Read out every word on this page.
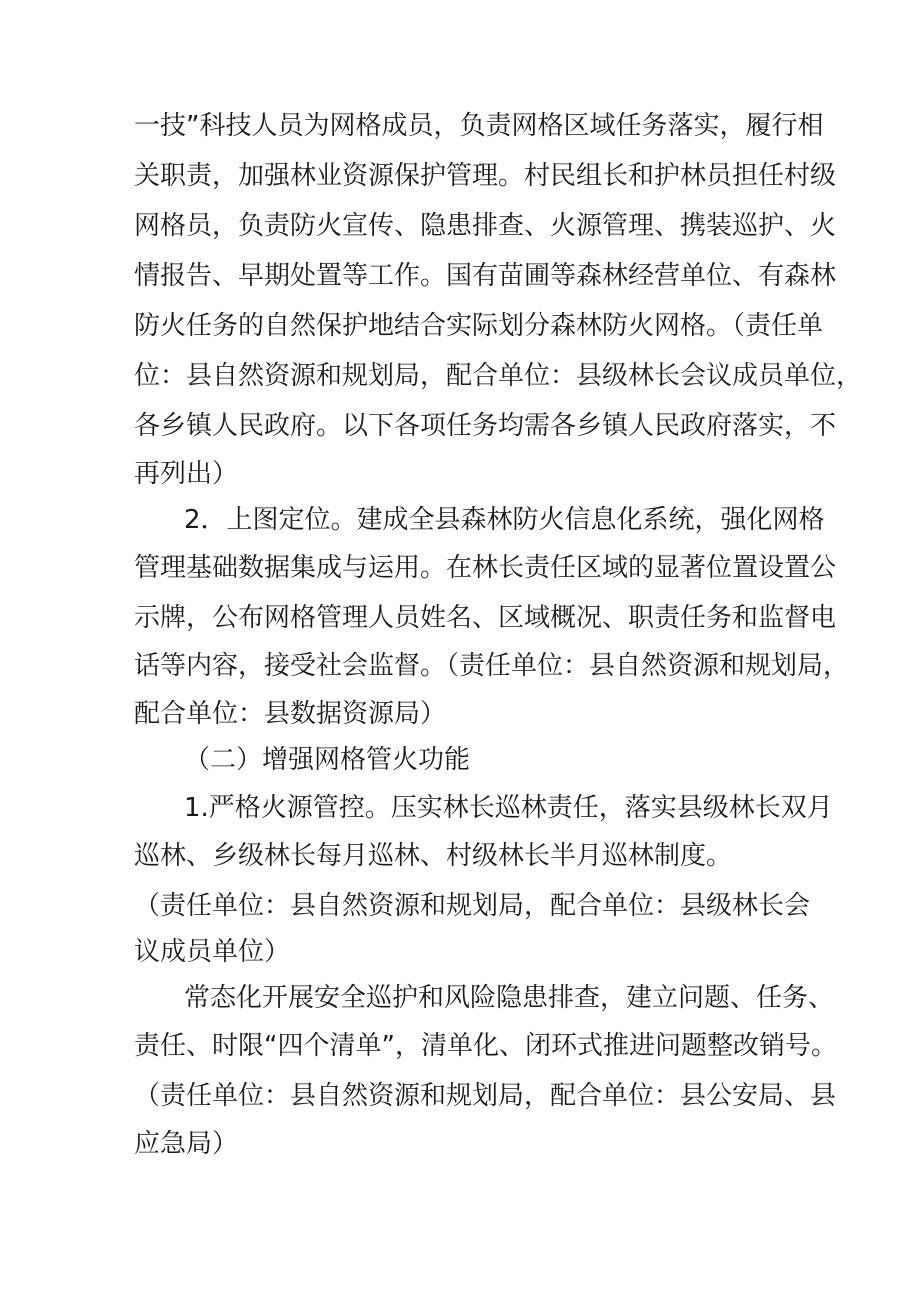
一技”科技人员为网格成员，负责网格区域任务落实，履行相
关职责，加强林业资源保护管理。村民组长和护林员担任村级
网格员，负责防火宣传、隐患排查、火源管理、携装巡护、火
情报告、早期处置等工作。国有苗圃等森林经营单位、有森林
防火任务的自然保护地结合实际划分森林防火网格。（责任单
位：县自然资源和规划局，配合单位：县级林长会议成员单位，
各乡镇人民政府。以下各项任务均需各乡镇人民政府落实，不
再列出）
2．上图定位。建成全县森林防火信息化系统，强化网格
管理基础数据集成与运用。在林长责任区域的显著位置设置公
示牌，公布网格管理人员姓名、区域概况、职责任务和监督电
话等内容，接受社会监督。（责任单位：县自然资源和规划局，
配合单位：县数据资源局）
（二）增强网格管火功能
1.严格火源管控。压实林长巡林责任，落实县级林长双月
巡林、乡级林长每月巡林、村级林长半月巡林制度。
（责任单位：县自然资源和规划局，配合单位：县级林长会
议成员单位）
常态化开展安全巡护和风险隐患排查，建立问题、任务、
责任、时限“四个清单”，清单化、闭环式推进问题整改销号。
（责任单位：县自然资源和规划局，配合单位：县公安局、县
应急局）
